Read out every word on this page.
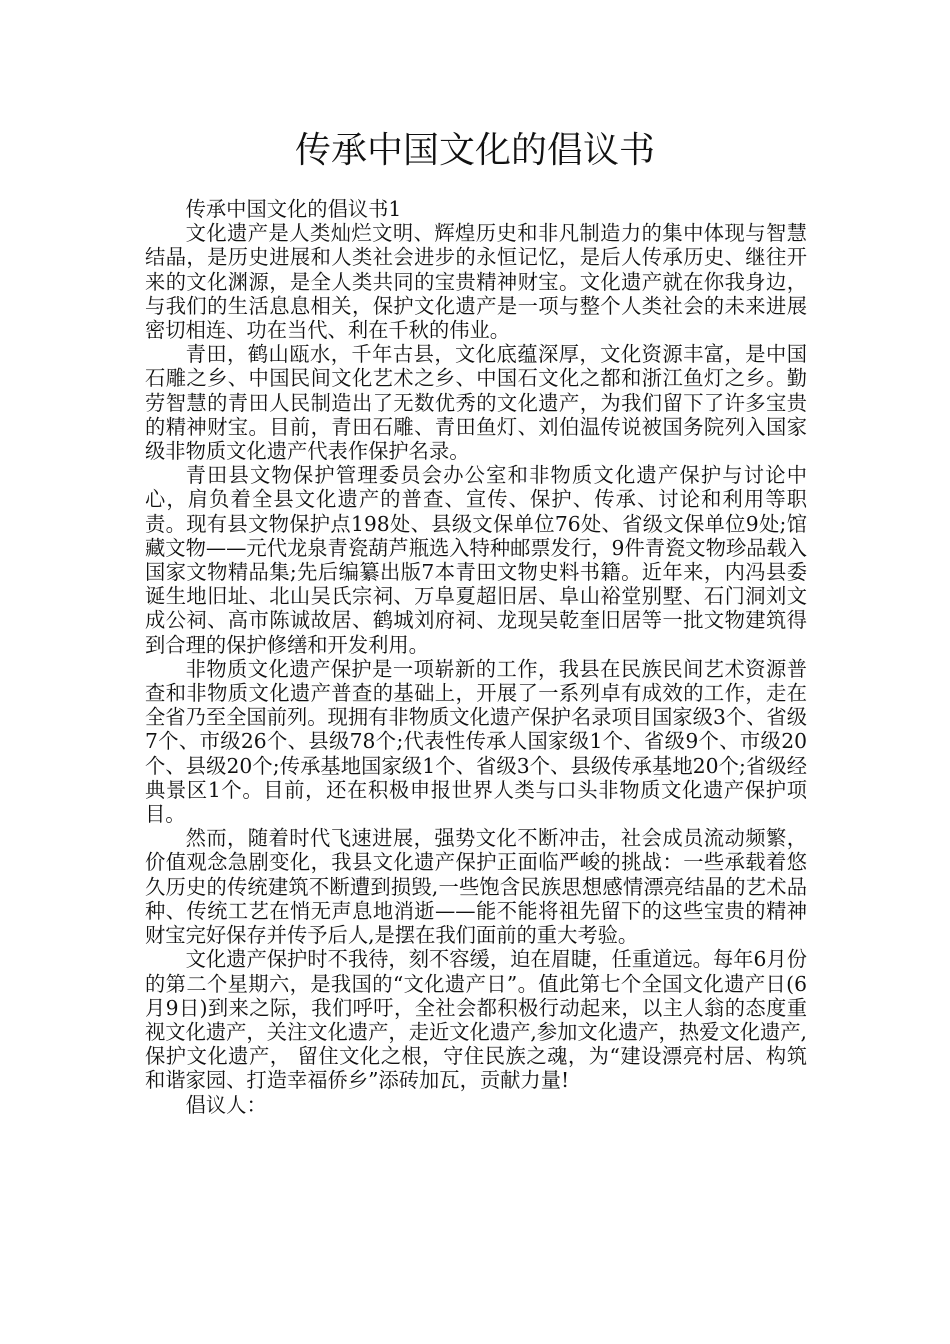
传承中国文化的倡议书

传承中国文化的倡议书1

文化遗产是人类灿烂文明、辉煌历史和非凡制造力的集中体现与智慧结晶，是历史进展和人类社会进步的永恒记忆，是后人传承历史、继往开来的文化渊源，是全人类共同的宝贵精神财宝。文化遗产就在你我身边，与我们的生活息息相关，保护文化遗产是一项与整个人类社会的未来进展密切相连、功在当代、利在千秋的伟业。

青田，鹤山瓯水，千年古县，文化底蕴深厚，文化资源丰富，是中国石雕之乡、中国民间文化艺术之乡、中国石文化之都和浙江鱼灯之乡。勤劳智慧的青田人民制造出了无数优秀的文化遗产，为我们留下了许多宝贵的精神财宝。目前，青田石雕、青田鱼灯、刘伯温传说被国务院列入国家级非物质文化遗产代表作保护名录。

青田县文物保护管理委员会办公室和非物质文化遗产保护与讨论中心，肩负着全县文化遗产的普查、宣传、保护、传承、讨论和利用等职责。现有县文物保护点198处、县级文保单位76处、省级文保单位9处;馆藏文物——元代龙泉青瓷葫芦瓶选入特种邮票发行，9件青瓷文物珍品载入国家文物精品集;先后编纂出版7本青田文物史料书籍。近年来，内冯县委诞生地旧址、北山吴氏宗祠、万阜夏超旧居、阜山裕堂别墅、石门洞刘文成公祠、高市陈诚故居、鹤城刘府祠、龙现吴乾奎旧居等一批文物建筑得到合理的保护修缮和开发利用。

非物质文化遗产保护是一项崭新的工作，我县在民族民间艺术资源普查和非物质文化遗产普查的基础上，开展了一系列卓有成效的工作，走在全省乃至全国前列。现拥有非物质文化遗产保护名录项目国家级3个、省级7个、市级26个、县级78个;代表性传承人国家级1个、省级9个、市级20个、县级20个;传承基地国家级1个、省级3个、县级传承基地20个;省级经典景区1个。目前，还在积极申报世界人类与口头非物质文化遗产保护项目。

然而，随着时代飞速进展，强势文化不断冲击，社会成员流动频繁，价值观念急剧变化，我县文化遗产保护正面临严峻的挑战：一些承载着悠久历史的传统建筑不断遭到损毁,一些饱含民族思想感情漂亮结晶的艺术品种、传统工艺在悄无声息地消逝——能不能将祖先留下的这些宝贵的精神财宝完好保存并传予后人,是摆在我们面前的重大考验。

文化遗产保护时不我待，刻不容缓，迫在眉睫，任重道远。每年6月份的第二个星期六，是我国的“文化遗产日”。值此第七个全国文化遗产日(6月9日)到来之际，我们呼吁，全社会都积极行动起来，以主人翁的态度重视文化遗产，关注文化遗产，走近文化遗产,参加文化遗产，热爱文化遗产,保护文化遗产， 留住文化之根，守住民族之魂，为“建设漂亮村居、构筑和谐家园、打造幸福侨乡”添砖加瓦，贡献力量!

倡议人：
